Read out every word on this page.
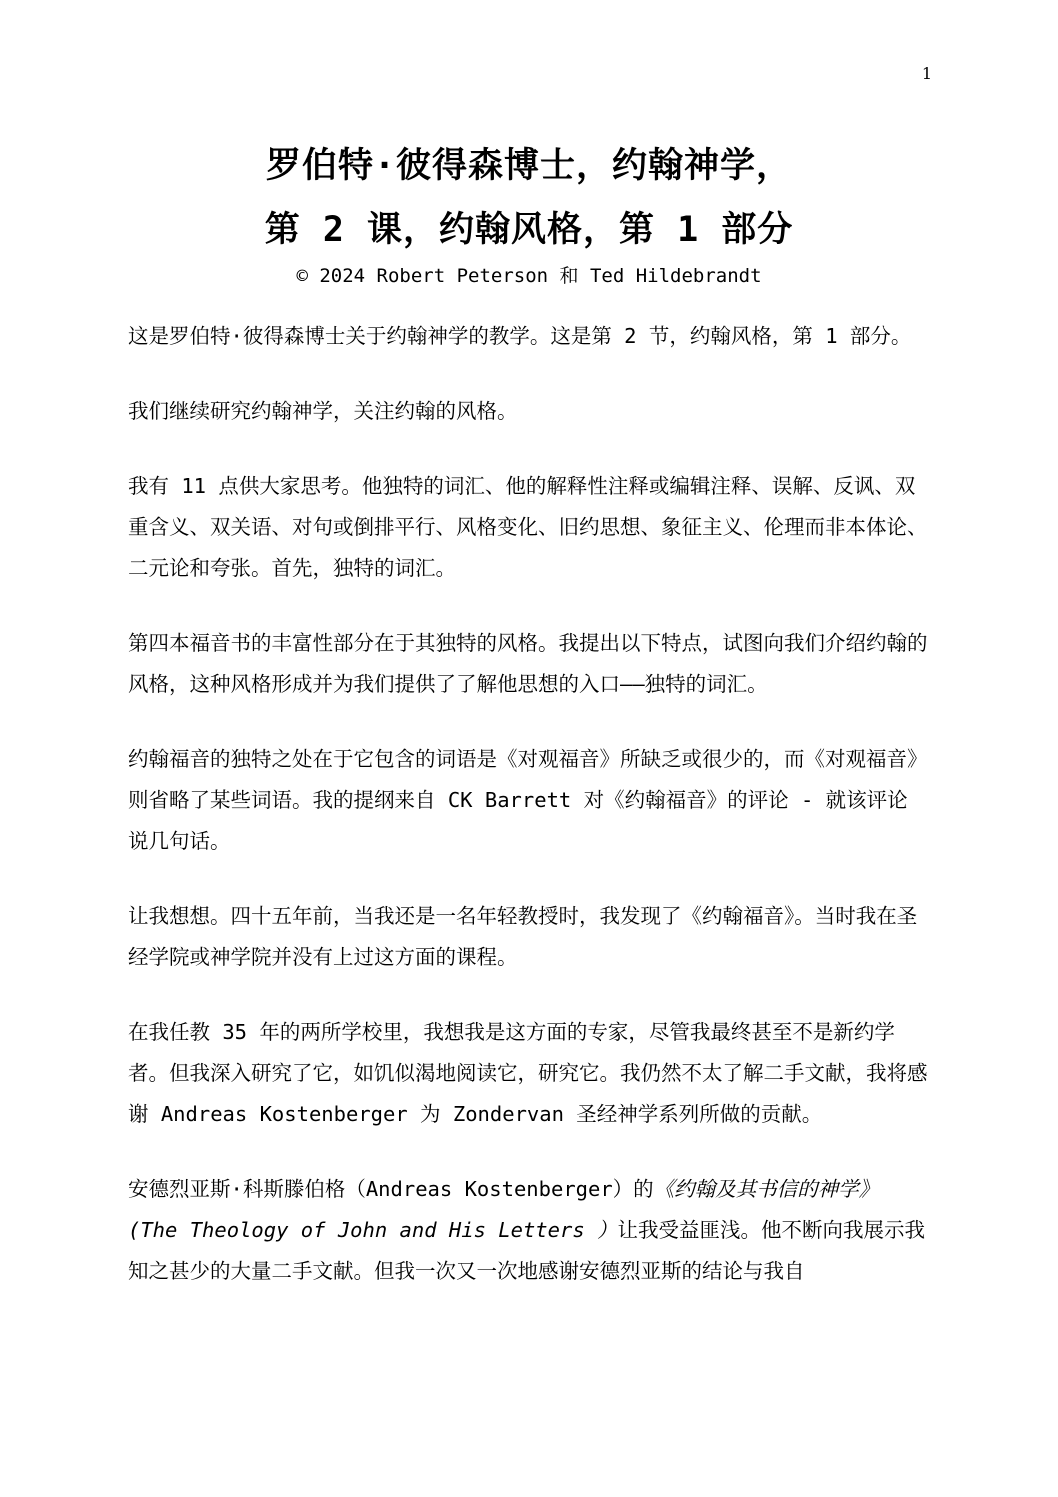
1
罗伯特·彼得森博士，约翰神学，
第 2 课，约翰风格，第 1 部分
© 2024 Robert Peterson 和 Ted Hildebrandt

这是罗伯特·彼得森博士关于约翰神学的教学。这是第 2 节，约翰风格，第 1 部分。

我们继续研究约翰神学，关注约翰的风格。

我有 11 点供大家思考。他独特的词汇、他的解释性注释或编辑注释、误解、反讽、双重含义、双关语、对句或倒排平行、风格变化、旧约思想、象征主义、伦理而非本体论、二元论和夸张。首先，独特的词汇。

第四本福音书的丰富性部分在于其独特的风格。我提出以下特点，试图向我们介绍约翰的风格，这种风格形成并为我们提供了了解他思想的入口——独特的词汇。

约翰福音的独特之处在于它包含的词语是《对观福音》所缺乏或很少的，而《对观福音》则省略了某些词语。我的提纲来自 CK Barrett 对《约翰福音》的评论 - 就该评论说几句话。

让我想想。四十五年前，当我还是一名年轻教授时，我发现了《约翰福音》。当时我在圣经学院或神学院并没有上过这方面的课程。

在我任教 35 年的两所学校里，我想我是这方面的专家，尽管我最终甚至不是新约学者。但我深入研究了它，如饥似渴地阅读它，研究它。我仍然不太了解二手文献，我将感谢 Andreas Kostenberger 为 Zondervan 圣经神学系列所做的贡献。

安德烈亚斯·科斯滕伯格（Andreas Kostenberger）的《约翰及其书信的神学》(The Theology of John and His Letters ）让我受益匪浅。他不断向我展示我知之甚少的大量二手文献。但我一次又一次地感谢安德烈亚斯的结论与我自
